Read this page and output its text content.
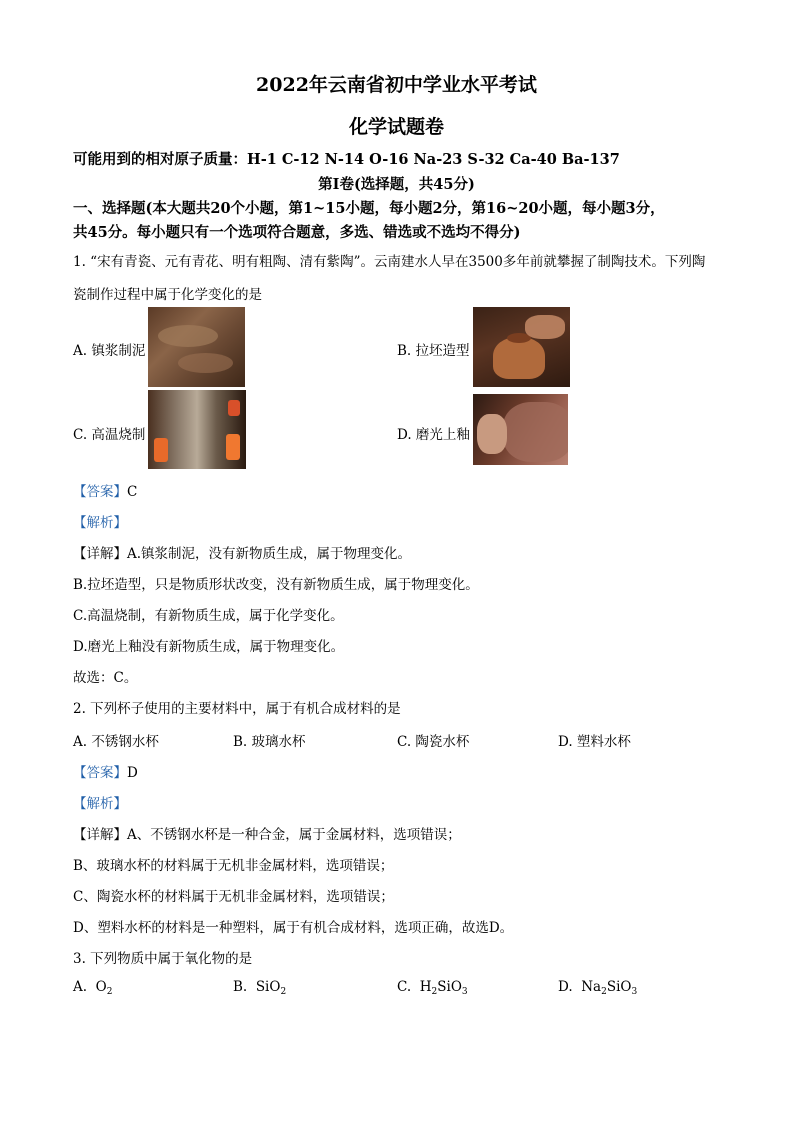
2022年云南省初中学业水平考试
化学试题卷
可能用到的相对原子质量：H-1 C-12 N-14 O-16 Na-23 S-32 Ca-40 Ba-137
第Ⅰ卷(选择题，共45分)
一、选择题(本大题共20个小题，第1~15小题，每小题2分，第16~20小题，每小题3分，
共45分。每小题只有一个选项符合题意，多选、错选或不选均不得分)
1. “宋有青瓷、元有青花、明有粗陶、清有紫陶”。云南建水人早在3500多年前就攀握了制陶技术。下列陶
瓷制作过程中属于化学变化的是
A. 镇浆制泥	B. 拉坯造型
C. 高温烧制	D. 磨光上釉
【答案】C
【解析】
【详解】A.镇浆制泥，没有新物质生成，属于物理变化。
B.拉坯造型，只是物质形状改变，没有新物质生成，属于物理变化。
C.高温烧制，有新物质生成，属于化学变化。
D.磨光上釉没有新物质生成，属于物理变化。
故选：C。
2. 下列杯子使用的主要材料中，属于有机合成材料的是
A. 不锈钢水杯	B. 玻璃水杯	C. 陶瓷水杯	D. 塑料水杯
【答案】D
【解析】
【详解】A、不锈钢水杯是一种合金，属于金属材料，选项错误；
B、玻璃水杯的材料属于无机非金属材料，选项错误；
C、陶瓷水杯的材料属于无机非金属材料，选项错误；
D、塑料水杯的材料是一种塑料，属于有机合成材料，选项正确，故选D。
3. 下列物质中属于氧化物的是
A. $O_2$	B. SiO$_2$	C. $H_2SiO_3$	D. $Na_2SiO_3$
